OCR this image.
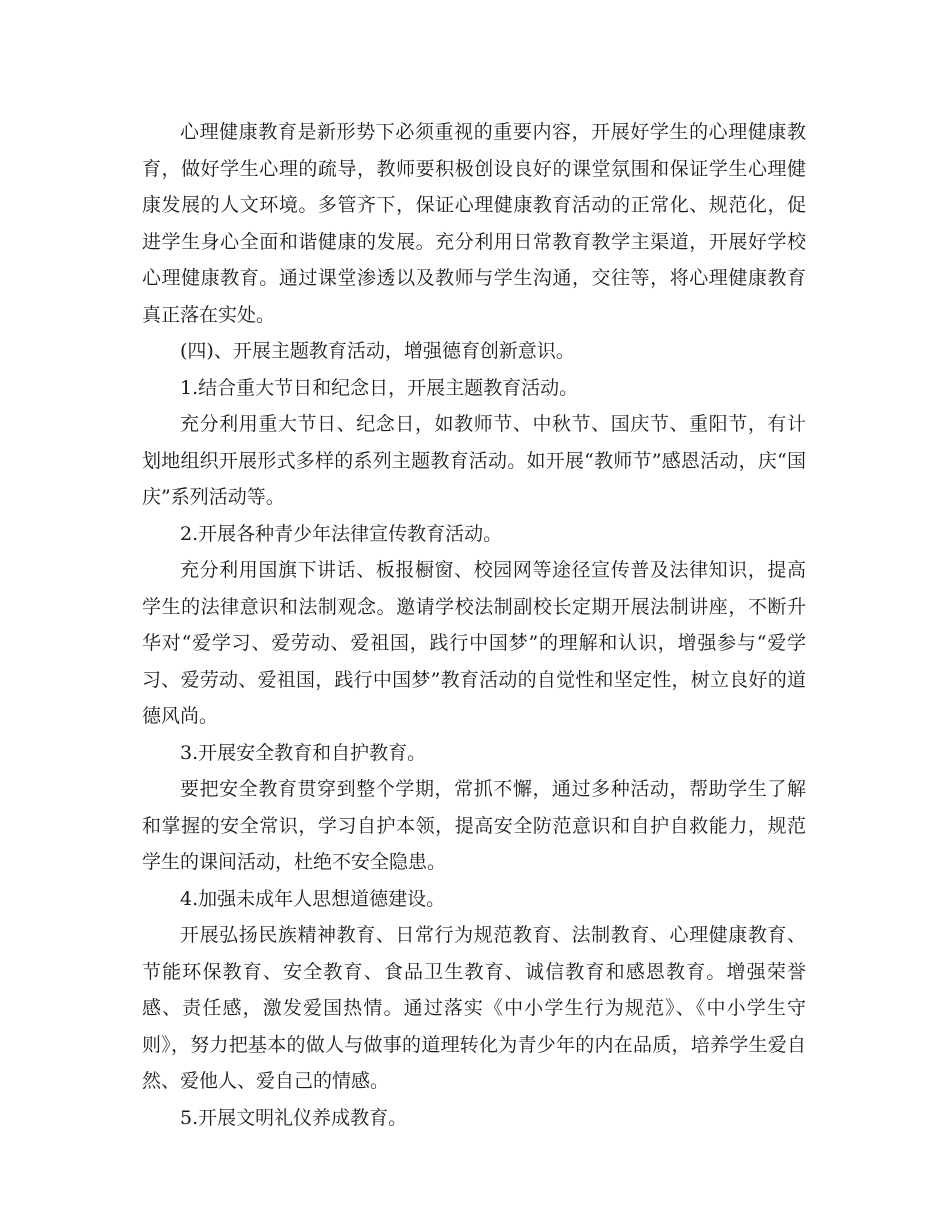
心理健康教育是新形势下必须重视的重要内容，开展好学生的心理健康教育，做好学生心理的疏导，教师要积极创设良好的课堂氛围和保证学生心理健康发展的人文环境。多管齐下，保证心理健康教育活动的正常化、规范化，促进学生身心全面和谐健康的发展。充分利用日常教育教学主渠道，开展好学校心理健康教育。通过课堂渗透以及教师与学生沟通，交往等，将心理健康教育真正落在实处。

(四)、开展主题教育活动，增强德育创新意识。

1.结合重大节日和纪念日，开展主题教育活动。

充分利用重大节日、纪念日，如教师节、中秋节、国庆节、重阳节，有计划地组织开展形式多样的系列主题教育活动。如开展“教师节”感恩活动，庆“国庆”系列活动等。

2.开展各种青少年法律宣传教育活动。

充分利用国旗下讲话、板报橱窗、校园网等途径宣传普及法律知识，提高学生的法律意识和法制观念。邀请学校法制副校长定期开展法制讲座，不断升华对“爱学习、爱劳动、爱祖国，践行中国梦”的理解和认识，增强参与“爱学习、爱劳动、爱祖国，践行中国梦”教育活动的自觉性和坚定性，树立良好的道德风尚。

3.开展安全教育和自护教育。

要把安全教育贯穿到整个学期，常抓不懈，通过多种活动，帮助学生了解和掌握的安全常识，学习自护本领，提高安全防范意识和自护自救能力，规范学生的课间活动，杜绝不安全隐患。

4.加强未成年人思想道德建设。

开展弘扬民族精神教育、日常行为规范教育、法制教育、心理健康教育、节能环保教育、安全教育、食品卫生教育、诚信教育和感恩教育。增强荣誉感、责任感，激发爱国热情。通过落实《中小学生行为规范》、《中小学生守则》，努力把基本的做人与做事的道理转化为青少年的内在品质，培养学生爱自然、爱他人、爱自己的情感。

5.开展文明礼仪养成教育。
